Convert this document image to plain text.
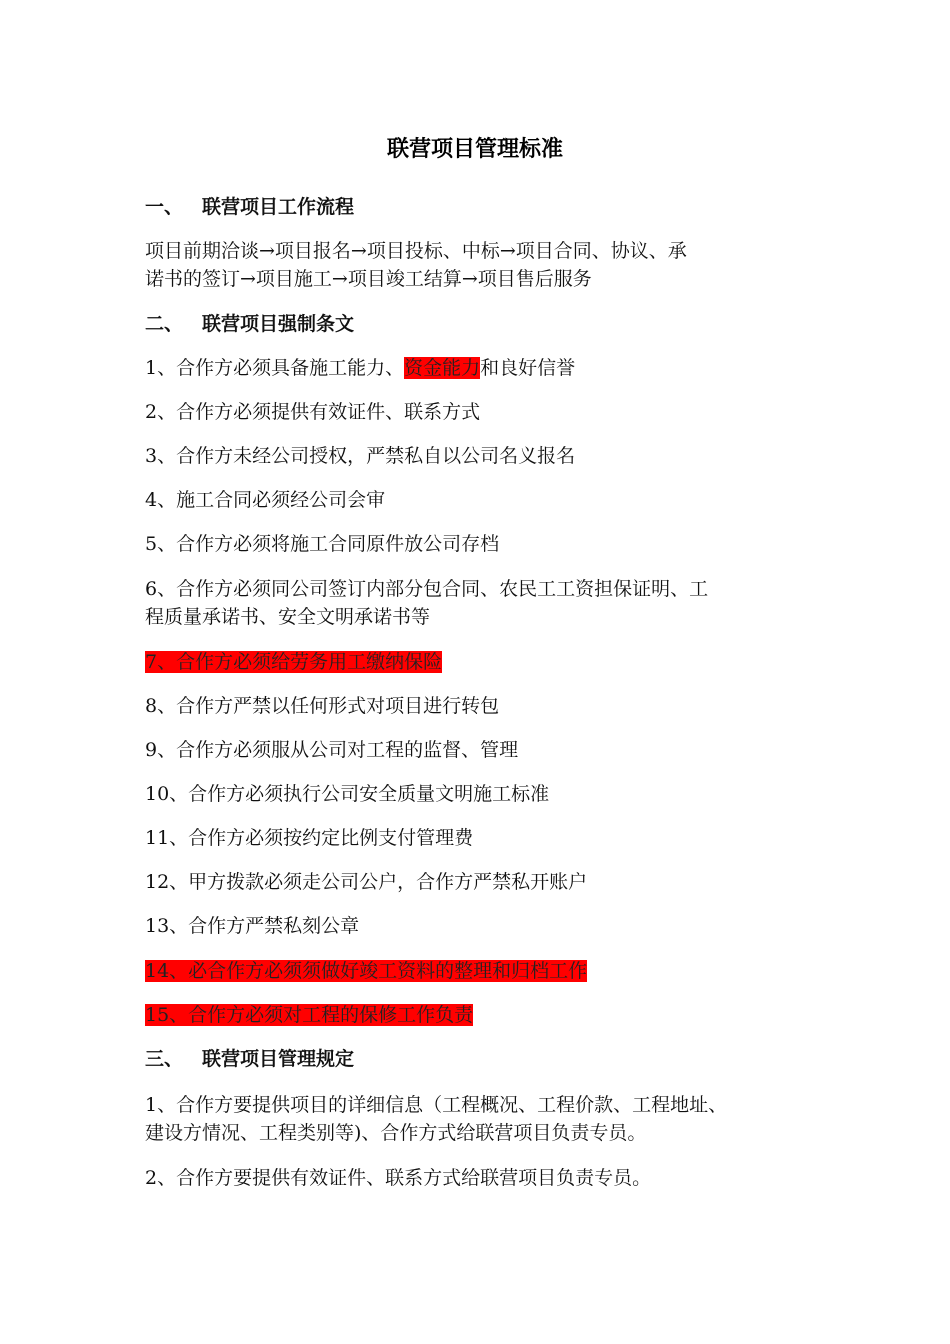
联营项目管理标准
一、 联营项目工作流程
项目前期洽谈→项目报名→项目投标、中标→项目合同、协议、承
诺书的签订→项目施工→项目竣工结算→项目售后服务
二、 联营项目强制条文
1、合作方必须具备施工能力、资金能力和良好信誉
2、合作方必须提供有效证件、联系方式
3、合作方未经公司授权，严禁私自以公司名义报名
4、施工合同必须经公司会审
5、合作方必须将施工合同原件放公司存档
6、合作方必须同公司签订内部分包合同、农民工工资担保证明、工
程质量承诺书、安全文明承诺书等
7、合作方必须给劳务用工缴纳保险
8、合作方严禁以任何形式对项目进行转包
9、合作方必须服从公司对工程的监督、管理
10、合作方必须执行公司安全质量文明施工标准
11、合作方必须按约定比例支付管理费
12、甲方拨款必须走公司公户，合作方严禁私开账户
13、合作方严禁私刻公章
14、必合作方必须须做好竣工资料的整理和归档工作
15、合作方必须对工程的保修工作负责
三、 联营项目管理规定
1、合作方要提供项目的详细信息（工程概况、工程价款、工程地址、
建设方情况、工程类别等)、合作方式给联营项目负责专员。
2、合作方要提供有效证件、联系方式给联营项目负责专员。
